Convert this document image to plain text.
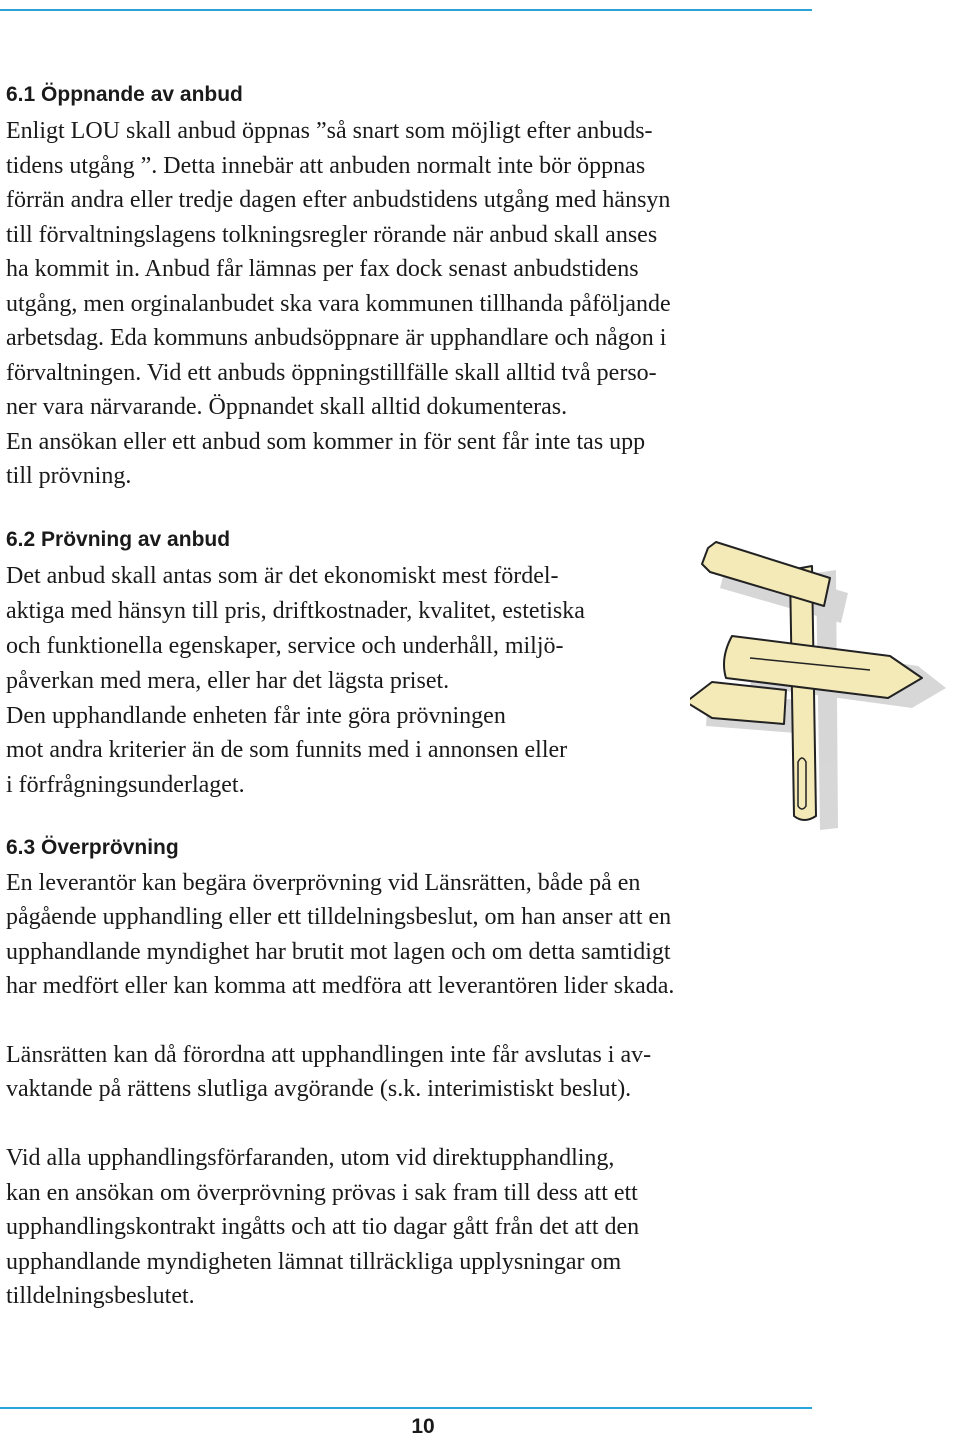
6.1 Öppnande av anbud

Enligt LOU skall anbud öppnas ”så snart som möjligt efter anbuds-

tidens utgång ”. Detta innebär att anbuden normalt inte bör öppnas

förrän andra eller tredje dagen efter anbudstidens utgång med hänsyn

till förvaltningslagens tolkningsregler rörande när anbud skall anses

ha kommit in. Anbud får lämnas per fax dock senast anbudstidens

utgång, men orginalanbudet ska vara kommunen tillhanda påföljande

arbetsdag. Eda kommuns anbudsöppnare är upphandlare och någon i

förvaltningen. Vid ett anbuds öppningstillfälle skall alltid två perso-

ner vara närvarande. Öppnandet skall alltid dokumenteras.

En ansökan eller ett anbud som kommer in för sent får inte tas upp

till prövning.

6.2 Prövning av anbud

Det anbud skall antas som är det ekonomiskt mest fördel-

aktiga med hänsyn till pris, driftkostnader, kvalitet, estetiska

och funktionella egenskaper, service och underhåll, miljö-

påverkan med mera, eller har det lägsta priset.

Den upphandlande enheten får inte göra prövningen

mot andra kriterier än de som funnits med i annonsen eller

i förfrågningsunderlaget.

6.3 Överprövning

En leverantör kan begära överprövning vid Länsrätten, både på en

pågående upphandling eller ett tilldelningsbeslut, om han anser att en

upphandlande myndighet har brutit mot lagen och om detta samtidigt

har medfört eller kan komma att medföra att leverantören lider skada.

Länsrätten kan då förordna att upphandlingen inte får avslutas i av-

vaktande på rättens slutliga avgörande (s.k. interimistiskt beslut).

Vid alla upphandlingsförfaranden, utom vid direktupphandling,

kan en ansökan om överprövning prövas i sak fram till dess att ett

upphandlingskontrakt ingåtts och att tio dagar gått från det att den

upphandlande myndigheten lämnat tillräckliga upplysningar om

tilldelningsbeslutet.

10
